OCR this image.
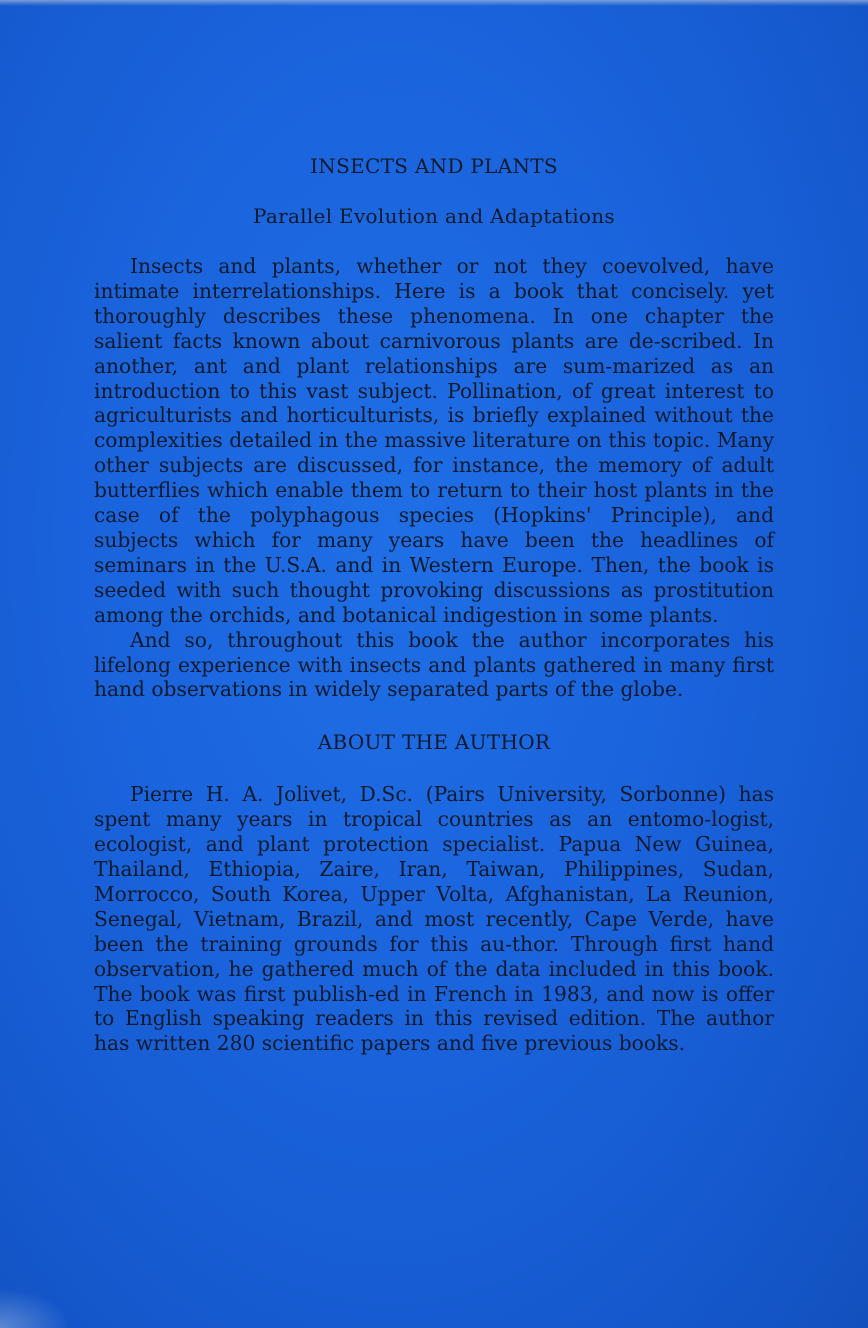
INSECTS AND PLANTS
Parallel Evolution and Adaptations

Insects and plants, whether or not they coevolved, have intimate interrelationships. Here is a book that concisely. yet thoroughly describes these phenomena. In one chapter the salient facts known about carnivorous plants are de-scribed. In another, ant and plant relationships are sum-marized as an introduction to this vast subject. Pollination, of great interest to agriculturists and horticulturists, is briefly explained without the complexities detailed in the massive literature on this topic. Many other subjects are discussed, for instance, the memory of adult butterflies which enable them to return to their host plants in the case of the polyphagous species (Hopkins' Principle), and subjects which for many years have been the headlines of seminars in the U.S.A. and in Western Europe. Then, the book is seeded with such thought provoking discussions as prostitution among the orchids, and botanical indigestion in some plants.

And so, throughout this book the author incorporates his lifelong experience with insects and plants gathered in many first hand observations in widely separated parts of the globe.

ABOUT THE AUTHOR

Pierre H. A. Jolivet, D.Sc. (Pairs University, Sorbonne) has spent many years in tropical countries as an entomo-logist, ecologist, and plant protection specialist. Papua New Guinea, Thailand, Ethiopia, Zaire, Iran, Taiwan, Philippines, Sudan, Morrocco, South Korea, Upper Volta, Afghanistan, La Reunion, Senegal, Vietnam, Brazil, and most recently, Cape Verde, have been the training grounds for this au-thor. Through first hand observation, he gathered much of the data included in this book. The book was first publish-ed in French in 1983, and now is offer to English speaking readers in this revised edition. The author has written 280 scientific papers and five previous books.
